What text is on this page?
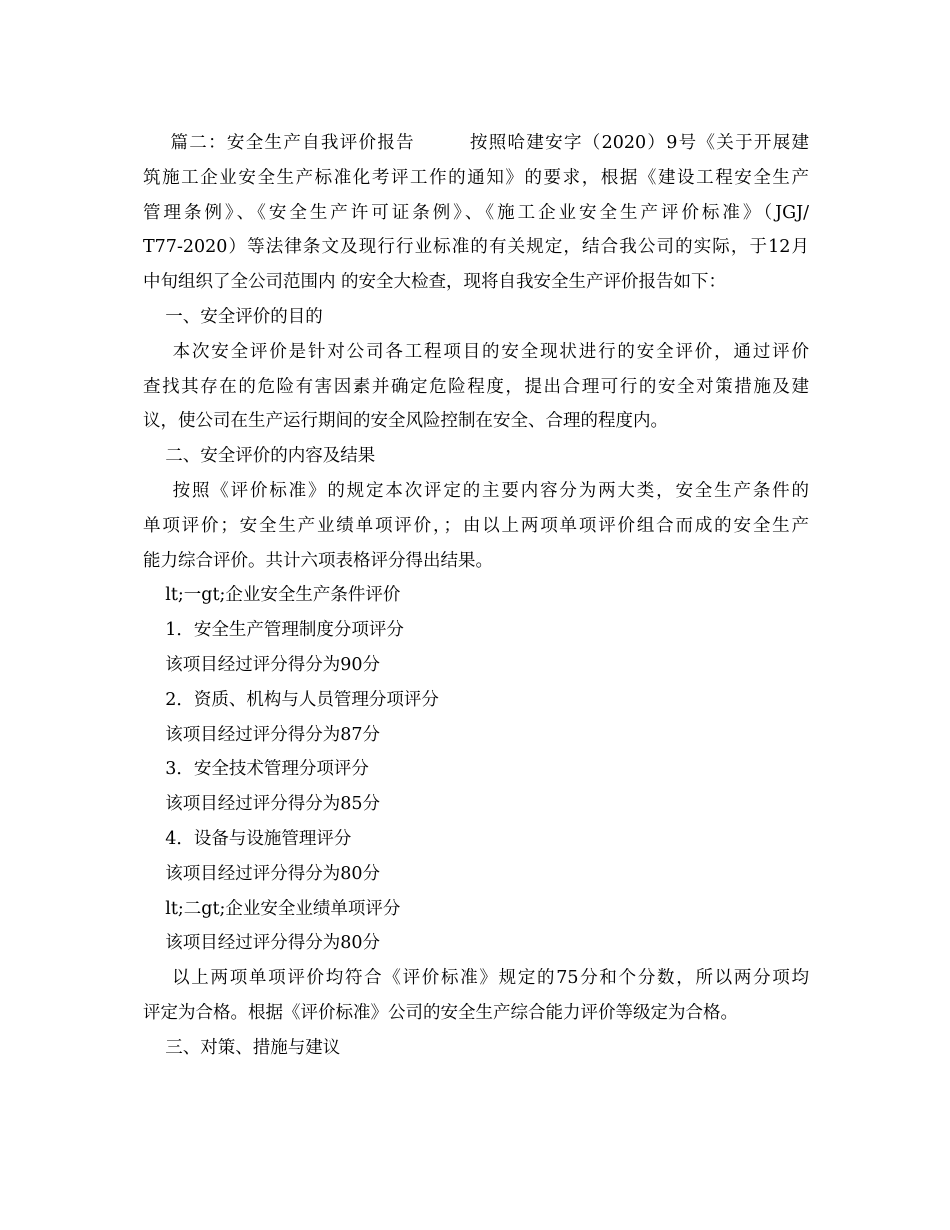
篇二：安全生产自我评价报告        按照哈建安字（2020）9号《关于开展建
筑施工企业安全生产标准化考评工作的通知》的要求，根据《建设工程安全生产
管理条例》、《安全生产许可证条例》、《施工企业安全生产评价标准》（JGJ/
T77-2020）等法律条文及现行行业标准的有关规定，结合我公司的实际，于12月
中旬组织了全公司范围内 的安全大检查，现将自我安全生产评价报告如下：
一、安全评价的目的
本次安全评价是针对公司各工程项目的安全现状进行的安全评价，通过评价
查找其存在的危险有害因素并确定危险程度，提出合理可行的安全对策措施及建
议，使公司在生产运行期间的安全风险控制在安全、合理的程度内。
二、安全评价的内容及结果
按照《评价标准》的规定本次评定的主要内容分为两大类，安全生产条件的
单项评价；安全生产业绩单项评价，；由以上两项单项评价组合而成的安全生产
能力综合评价。共计六项表格评分得出结果。
lt;一gt;企业安全生产条件评价
1．安全生产管理制度分项评分
该项目经过评分得分为90分
2．资质、机构与人员管理分项评分
该项目经过评分得分为87分
3．安全技术管理分项评分
该项目经过评分得分为85分
4．设备与设施管理评分
该项目经过评分得分为80分
lt;二gt;企业安全业绩单项评分
该项目经过评分得分为80分
以上两项单项评价均符合《评价标准》规定的75分和个分数，所以两分项均
评定为合格。根据《评价标准》公司的安全生产综合能力评价等级定为合格。
三、对策、措施与建议
